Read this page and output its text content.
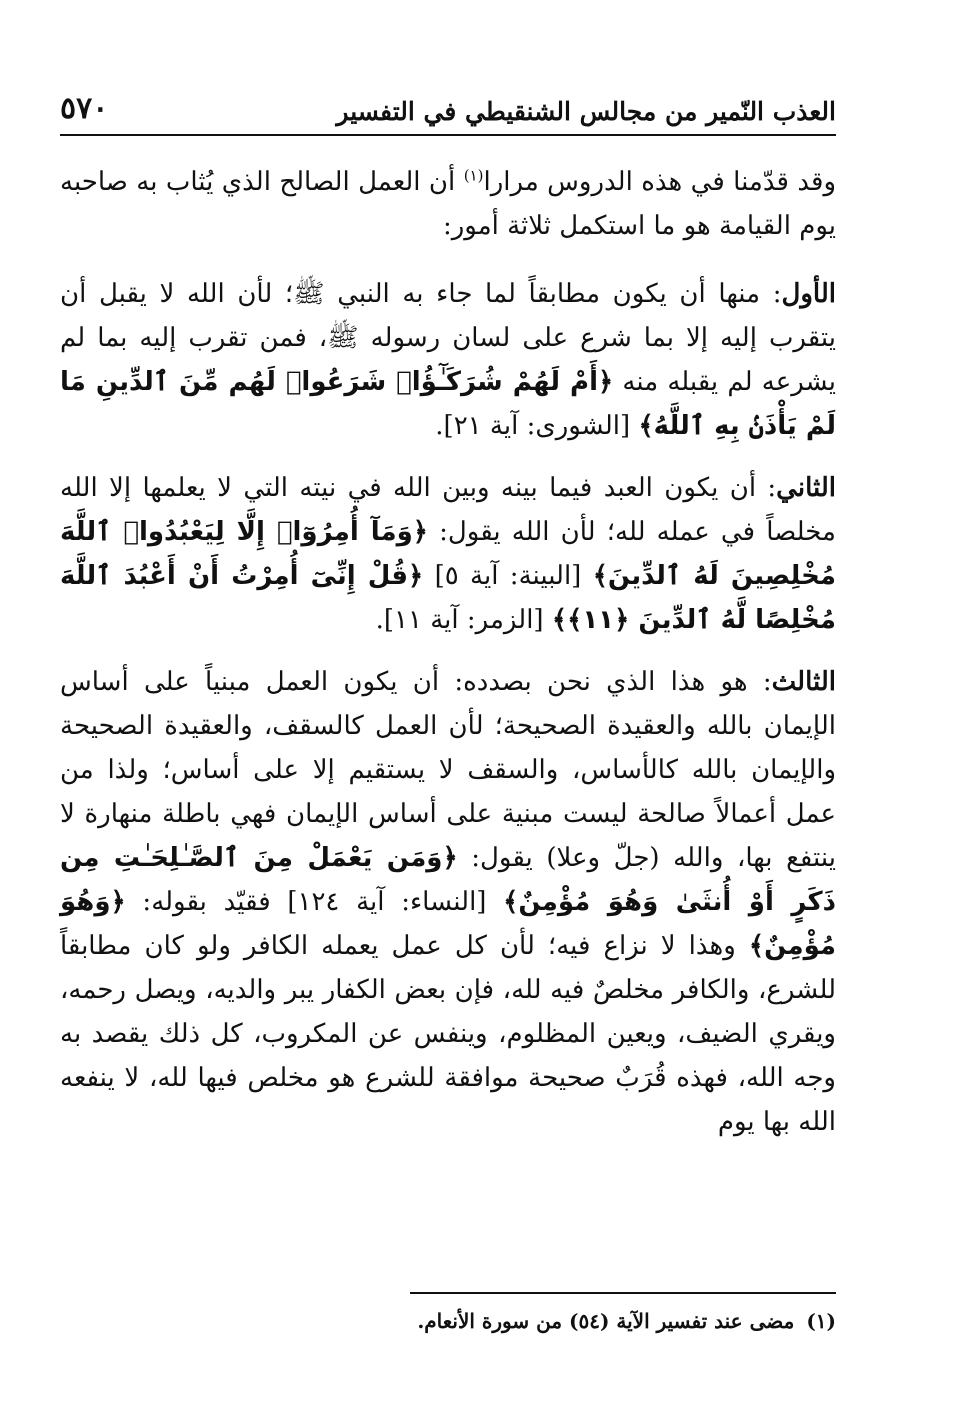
العذب النّمير من مجالس الشنقيطي في التفسير
٥٧٠

وقد قدّمنا في هذه الدروس مرارا$^{(١)}$ أن العمل الصالح الذي يُثاب به صاحبه يوم القيامة هو ما استكمل ثلاثة أمور:

الأول: منها أن يكون مطابقاً لما جاء به النبي ﷺ؛ لأن الله لا يقبل أن يتقرب إليه إلا بما شرع على لسان رسوله ﷺ، فمن تقرب إليه بما لم يشرعه لم يقبله منه ﴿أَمْ لَهُمْ شُرَكَـٰٓؤُا۟ شَرَعُوا۟ لَهُم مِّنَ ٱلدِّينِ مَا لَمْ يَأْذَنۢ بِهِ ٱللَّهُ﴾ [الشورى: آية ٢١].

الثاني: أن يكون العبد فيما بينه وبين الله في نيته التي لا يعلمها إلا الله مخلصاً في عمله لله؛ لأن الله يقول: ﴿وَمَآ أُمِرُوٓا۟ إِلَّا لِيَعْبُدُوا۟ ٱللَّهَ مُخْلِصِينَ لَهُ ٱلدِّينَ﴾ [البينة: آية ٥] ﴿قُلْ إِنِّىٓ أُمِرْتُ أَنْ أَعْبُدَ ٱللَّهَ مُخْلِصًا لَّهُ ٱلدِّينَ ﴿١١﴾﴾ [الزمر: آية ١١].

الثالث: هو هذا الذي نحن بصدده: أن يكون العمل مبنياً على أساس الإيمان بالله والعقيدة الصحيحة؛ لأن العمل كالسقف، والعقيدة الصحيحة والإيمان بالله كالأساس، والسقف لا يستقيم إلا على أساس؛ ولذا من عمل أعمالاً صالحة ليست مبنية على أساس الإيمان فهي باطلة منهارة لا ينتفع بها، والله (جلّ وعلا) يقول: ﴿وَمَن يَعْمَلْ مِنَ ٱلصَّـٰلِحَـٰتِ مِن ذَكَرٍ أَوْ أُنثَىٰ وَهُوَ مُؤْمِنٌ﴾ [النساء: آية ١٢٤] فقيّد بقوله: ﴿وَهُوَ مُؤْمِنٌ﴾ وهذا لا نزاع فيه؛ لأن كل عمل يعمله الكافر ولو كان مطابقاً للشرع، والكافر مخلصٌ فيه لله، فإن بعض الكفار يبر والديه، ويصل رحمه، ويقري الضيف، ويعين المظلوم، وينفس عن المكروب، كل ذلك يقصد به وجه الله، فهذه قُرَبٌ صحيحة موافقة للشرع هو مخلص فيها لله، لا ينفعه الله بها يوم

(١)مضى عند تفسير الآية (٥٤) من سورة الأنعام.
